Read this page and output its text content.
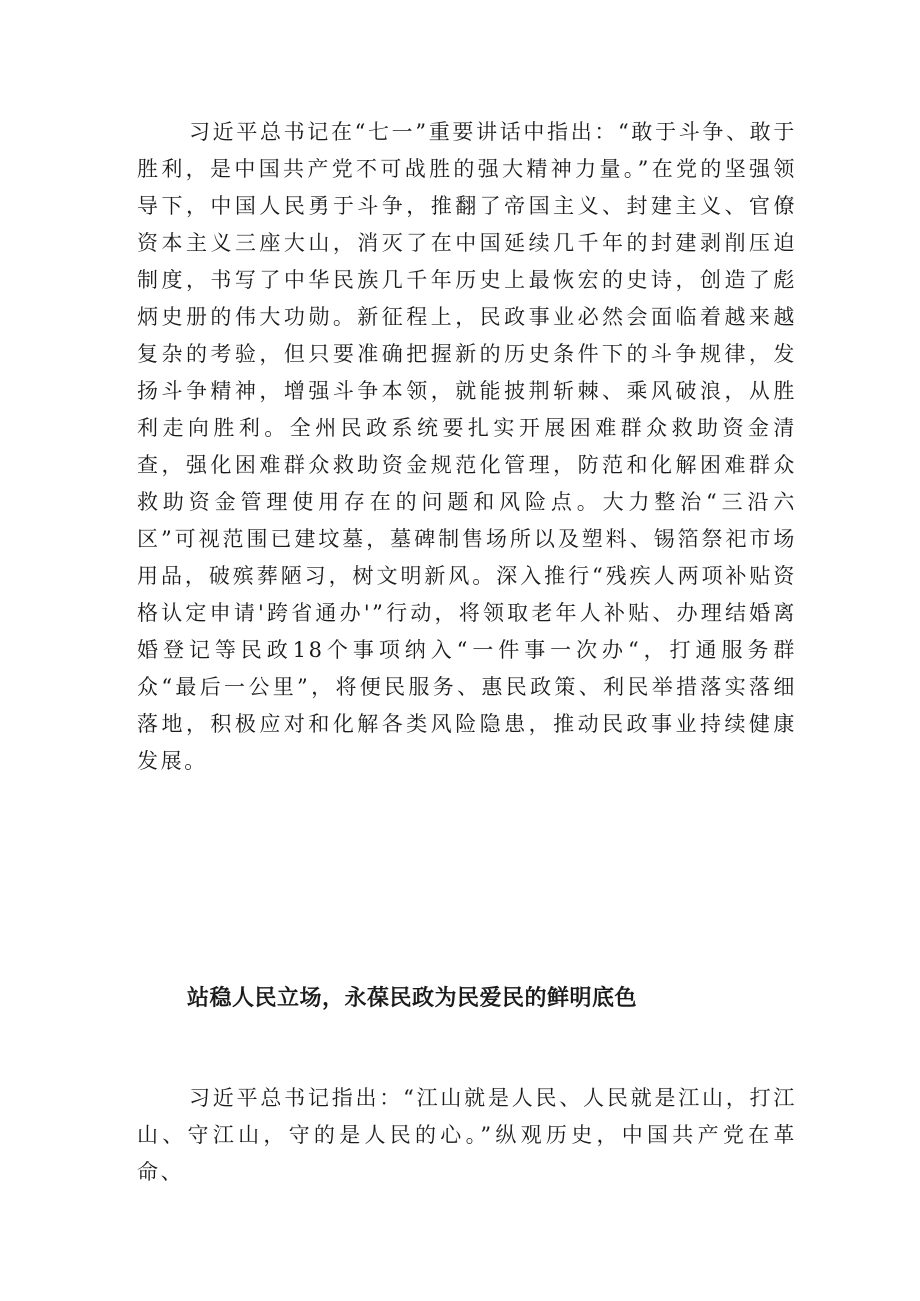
习近平总书记在“七一”重要讲话中指出：“敢于斗争、敢于胜利，是中国共产党不可战胜的强大精神力量。”在党的坚强领导下，中国人民勇于斗争，推翻了帝国主义、封建主义、官僚资本主义三座大山，消灭了在中国延续几千年的封建剥削压迫制度，书写了中华民族几千年历史上最恢宏的史诗，创造了彪炳史册的伟大功勋。新征程上，民政事业必然会面临着越来越复杂的考验，但只要准确把握新的历史条件下的斗争规律，发扬斗争精神，增强斗争本领，就能披荆斩棘、乘风破浪，从胜利走向胜利。全州民政系统要扎实开展困难群众救助资金清查，强化困难群众救助资金规范化管理，防范和化解困难群众救助资金管理使用存在的问题和风险点。大力整治“三沿六区”可视范围已建坟墓，墓碑制售场所以及塑料、锡箔祭祀市场用品，破殡葬陋习，树文明新风。深入推行“残疾人两项补贴资格认定申请'跨省通办'”行动，将领取老年人补贴、办理结婚离婚登记等民政18个事项纳入“一件事一次办“，打通服务群众“最后一公里”，将便民服务、惠民政策、利民举措落实落细落地，积极应对和化解各类风险隐患，推动民政事业持续健康发展。

站稳人民立场，永葆民政为民爱民的鲜明底色

习近平总书记指出：“江山就是人民、人民就是江山，打江山、守江山，守的是人民的心。”纵观历史，中国共产党在革命、
